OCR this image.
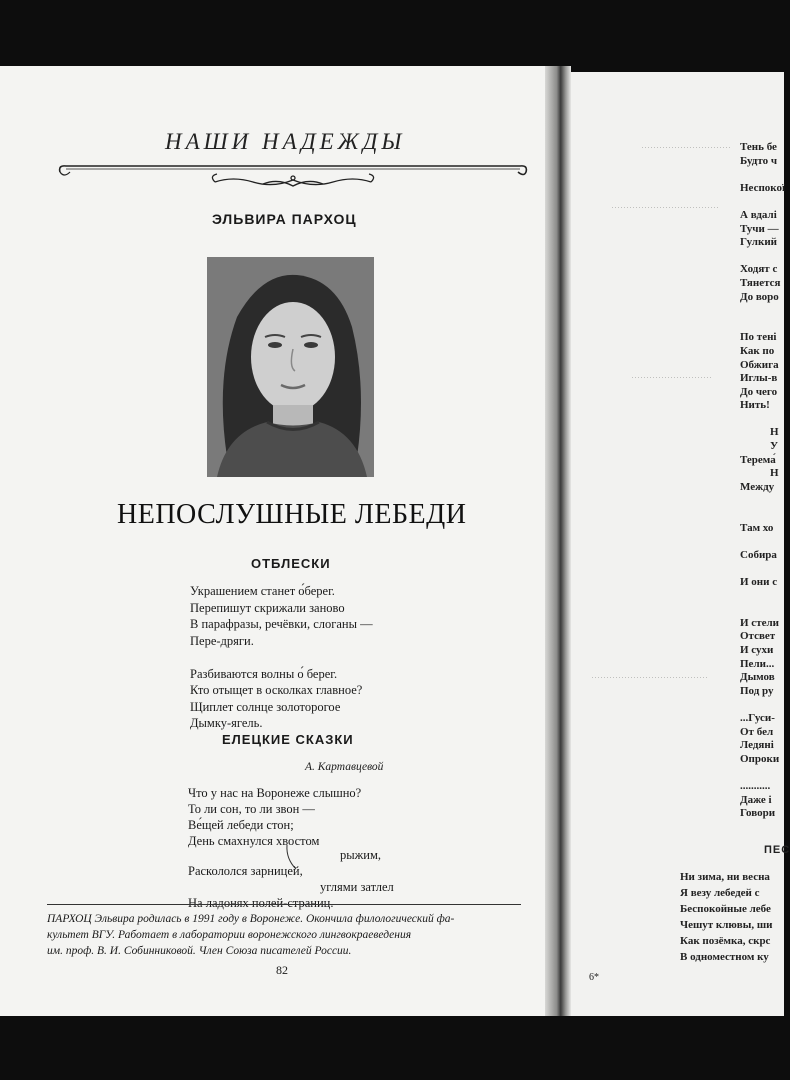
НАШИ НАДЕЖДЫ
ЭЛЬВИРА ПАРХОЦ
НЕПОСЛУШНЫЕ ЛЕБЕДИ
ОТБЛЕСКИ
Украшением станет о́берег.
Перепишут скрижали заново
В парафразы, речёвки, слоганы —
Пере-дряги.
Разбиваются волны о́ берег.
Кто отыщет в осколках главное?
Щиплет солнце золоторогое
Дымку-ягель.
ЕЛЕЦКИЕ СКАЗКИ
А. Картавцевой
Что у нас на Воронеже слышно?
То ли сон, то ли звон —
Ве́щей лебеди стон;
День смахнулся хвостом
рыжим,
Раскололся зарницей,
углями затлел
На ладонях полей-страниц.
ПАРХОЦ Эльвира родилась в 1991 году в Воронеже. Окончила филологический фа-
культет ВГУ. Работает в лаборатории воронежского лингвокраеведения
им. проф. В. И. Собинниковой. Член Союза писателей России.
82
⋯⋯⋯⋯⋯⋯⋯⋯⋯⋯
⋯⋯⋯⋯⋯⋯⋯⋯⋯⋯⋯⋯
⋯⋯⋯⋯⋯⋯⋯⋯⋯
⋯⋯⋯⋯⋯⋯⋯⋯⋯⋯⋯⋯⋯
Тень бе
Будто ч
Неспокої
А вдалі
Тучи —
Гулкий
Ходят с
Тянется
До воро
По тені
Как по
Обжига
Иглы-в
До чего
Нить!
Н
У
Терема́
Н
Между
Там хо
Собира
И они с
И стели
Отсвет
И сухи
Пели...
Дымов
Под ру
...Гуси-
От бел
Ледяні
Опроки
...........
Даже і
Говори
ПЕС
Ни зима, ни весна
Я везу лебедей с
Беспокойные лебе
Чешут клювы, ши
Как позёмка, скрc
В одноместном ку
6*
